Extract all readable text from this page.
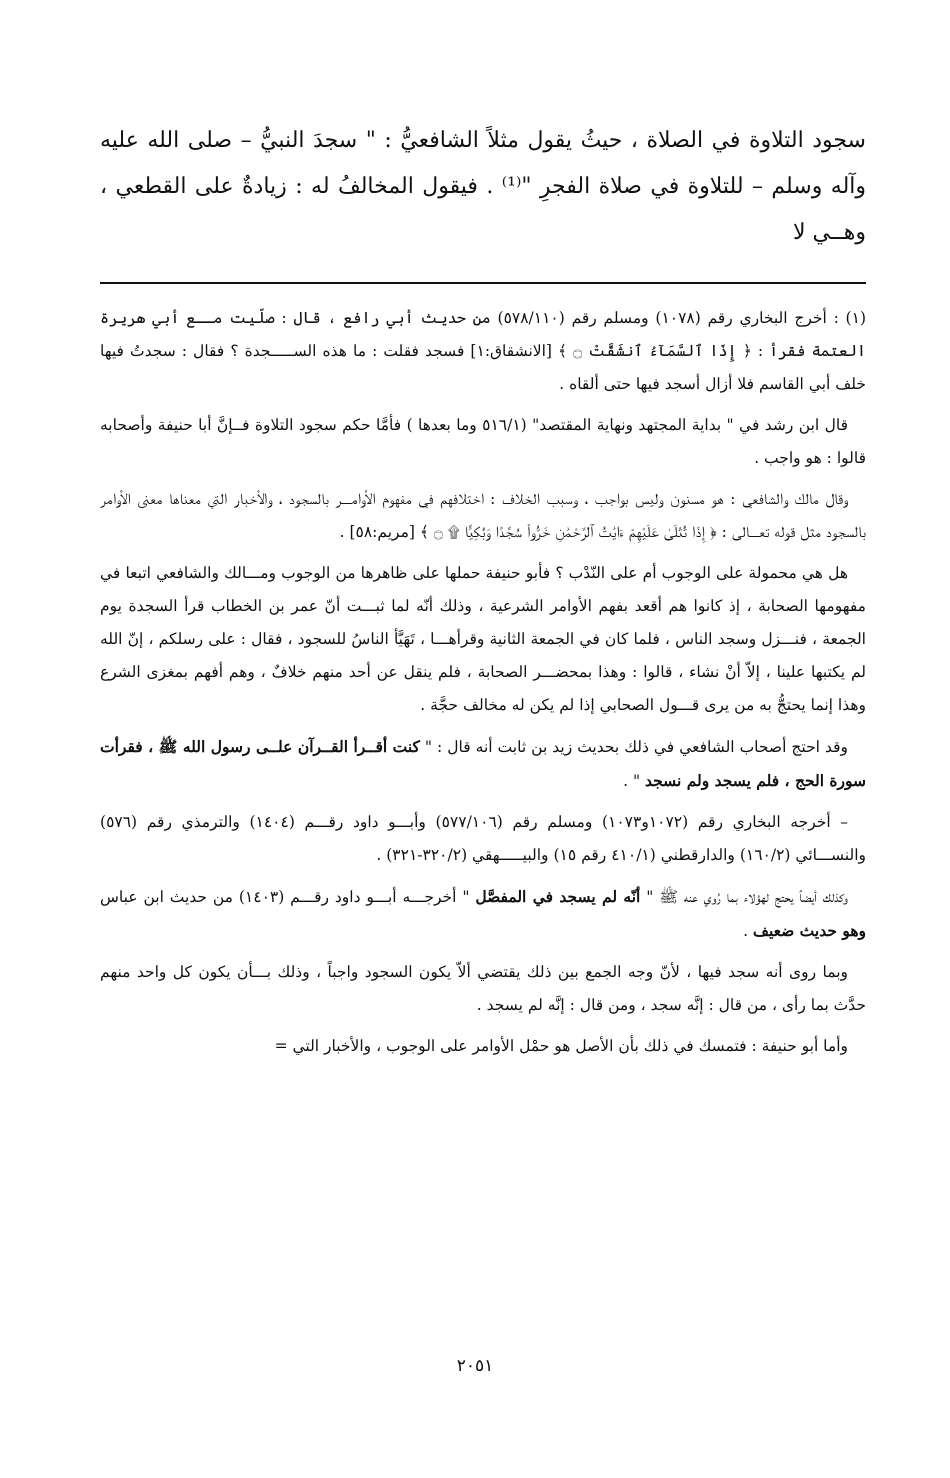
سجود التلاوة في الصلاة ، حيثُ يقول مثلاً الشافعيُّ : " سجدَ النبيُّ – صلى الله عليه وآله وسلم – للتلاوة في صلاة الفجرِ "⁽¹⁾ . فيقول المخالفُ له : زيادةٌ على القطعي ، وهــي لا

(١) : أخرج البخاري رقم (١٠٧٨) ومسلم رقم (٥٧٨/١١٠) من حديث أبي رافع ، قال : صلّيت مــع أبي هريرة العتمة فقرأ : ﴿ إِذَا ٱلسَّمَآءُ ٱنشَقَّتْ ۝ ﴾ [الانشقاق:١] فسجد فقلت : ما هذه الســـــجدة ؟ فقال : سجدتُ فيها خلف أبي القاسم فلا أزال أسجد فيها حتى ألقاه .

قال ابن رشد في " بداية المجتهد ونهاية المقتصد" (٥١٦/١ وما بعدها ) فأمَّا حكم سجود التلاوة فــإنَّ أبا حنيفة وأصحابه قالوا : هو واجب .

وقال مالك والشافعي : هو مسنون وليس بواجب ، وسبب الخلاف : اختلافهم في مفهوم الأوامـــر بالسجود ، والأخبار التي معناها معنى الأوامر بالسجود مثل قوله تعـــالى : ﴿ إِذَا تُتْلَىٰ عَلَيْهِمْ ءَايَٰتُ ٱلرَّحْمَٰنِ خَرُّواْ سُجَّدًا وَبُكِيًّا ۩ ۝ ﴾ [مريم:٥٨] .

هل هي محمولة على الوجوب أم على النّدْب ؟ فأبو حنيفة حملها على ظاهرها من الوجوب ومـــالك والشافعي اتبعا في مفهومها الصحابة ، إذ كانوا هم أقعد بفهم الأوامر الشرعية ، وذلك أنّه لما ثبـــت أنّ عمر بن الخطاب قرأ السجدة يوم الجمعة ، فنـــزل وسجد الناس ، فلما كان في الجمعة الثانية وقرأهـــا ، تَهَيَّأ الناسُ للسجود ، فقال : على رسلكم ، إنّ الله لم يكتبها علينا ، إلاّ أنْ نشاء ، قالوا : وهذا بمحضـــر الصحابة ، فلم ينقل عن أحد منهم خلافٌ ، وهم أفهم بمغزى الشرع وهذا إنما يحتجُّ به من يرى قـــول الصحابي إذا لم يكن له مخالف حجَّة .

وقد احتج أصحاب الشافعي في ذلك بحديث زيد بن ثابت أنه قال : " كنت أقــرأ القــرآن علــى رسول الله ﷺ ، فقرأت سورة الحج ، فلم يسجد ولم نسجد " .

– أخرجه البخاري رقم (١٠٧٢و١٠٧٣) ومسلم رقم (٥٧٧/١٠٦) وأبـــو داود رقـــم (١٤٠٤) والترمذي رقم (٥٧٦) والنســـائي (١٦٠/٢) والدارقطني (٤١٠/١ رقم ١٥) والبيـــــهقي (٣٢٠/٢-٣٢١) .

وكذلك أيضاً يحتج لهؤلاء بما رُوي عنه ﷺ " أنّه لم يسجد في المفصَّل " أخرجـــه أبـــو داود رقـــم (١٤٠٣) من حديث ابن عباس وهو حديث ضعيف .

وبما روى أنه سجد فيها ، لأنّ وجه الجمع بين ذلك يقتضي ألاّ يكون السجود واجباً ، وذلك بـــأن يكون كل واحد منهم حدَّث بما رأى ، من قال : إنَّه سجد ، ومن قال : إنَّه لم يسجد .

وأما أبو حنيفة : فتمسك في ذلك بأن الأصل هو حمْل الأوامر على الوجوب ، والأخبار التي =

٢٠٥١
